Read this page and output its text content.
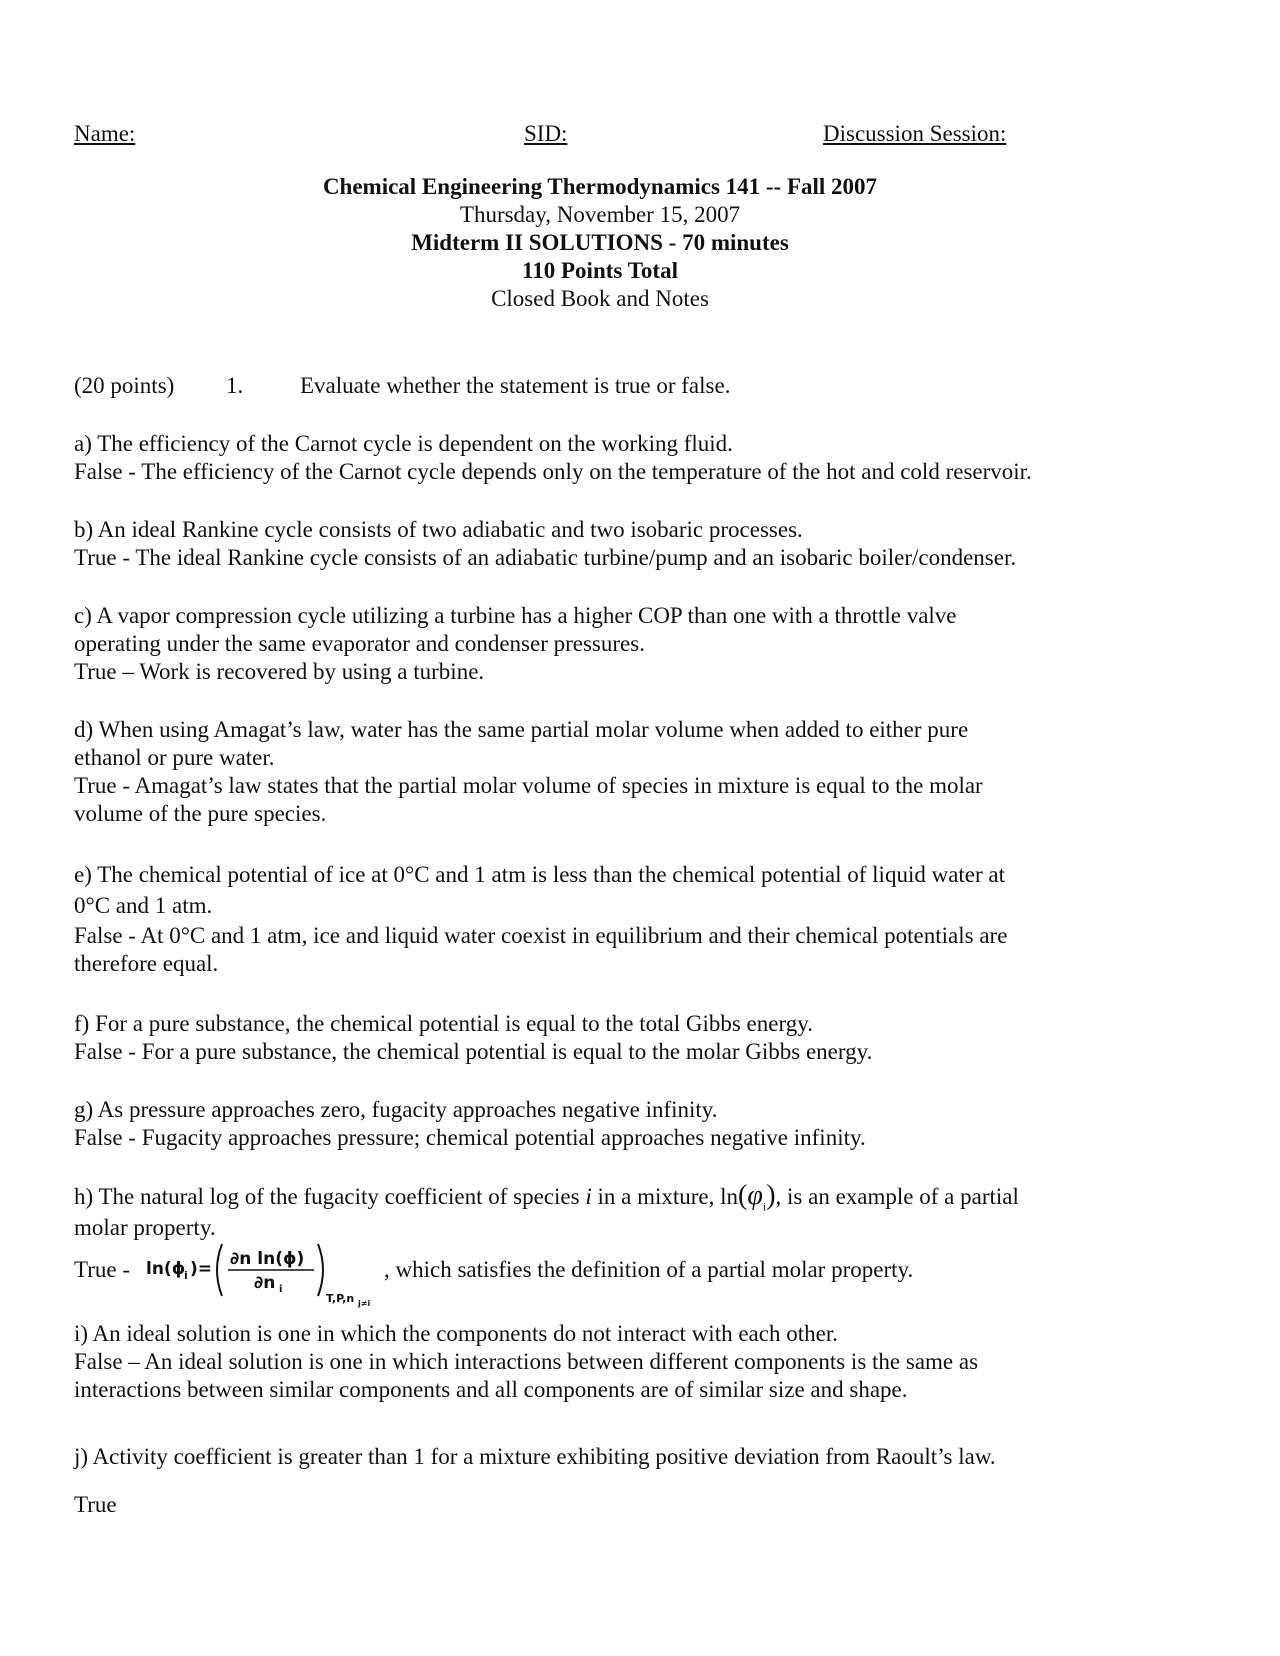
Name:	SID:	Discussion Session:
Chemical Engineering Thermodynamics 141 -- Fall 2007
Thursday, November 15, 2007
Midterm II SOLUTIONS - 70 minutes
110 Points Total
Closed Book and Notes
(20 points) 1. Evaluate whether the statement is true or false.
a) The efficiency of the Carnot cycle is dependent on the working fluid.
False - The efficiency of the Carnot cycle depends only on the temperature of the hot and cold reservoir.
b) An ideal Rankine cycle consists of two adiabatic and two isobaric processes.
True - The ideal Rankine cycle consists of an adiabatic turbine/pump and an isobaric boiler/condenser.
c) A vapor compression cycle utilizing a turbine has a higher COP than one with a throttle valve
operating under the same evaporator and condenser pressures.
True – Work is recovered by using a turbine.
d) When using Amagat’s law, water has the same partial molar volume when added to either pure
ethanol or pure water.
True - Amagat’s law states that the partial molar volume of species in mixture is equal to the molar
volume of the pure species.
e) The chemical potential of ice at 0°C and 1 atm is less than the chemical potential of liquid water at
0°C and 1 atm.
False - At 0°C and 1 atm, ice and liquid water coexist in equilibrium and their chemical potentials are
therefore equal.
f) For a pure substance, the chemical potential is equal to the total Gibbs energy.
False - For a pure substance, the chemical potential is equal to the molar Gibbs energy.
g) As pressure approaches zero, fugacity approaches negative infinity.
False - Fugacity approaches pressure; chemical potential approaches negative infinity.
h) The natural log of the fugacity coefficient of species i in a mixture, $\ln(\varphi_i)$, is an example of a partial
molar property.
True - ln(ϕ
i )= ∂n ln(ϕ)
∂n i
T,P,n j≠i
, which satisfies the definition of a partial molar property.
i) An ideal solution is one in which the components do not interact with each other.
False – An ideal solution is one in which interactions between different components is the same as
interactions between similar components and all components are of similar size and shape.
j) Activity coefficient is greater than 1 for a mixture exhibiting positive deviation from Raoult’s law.
True
